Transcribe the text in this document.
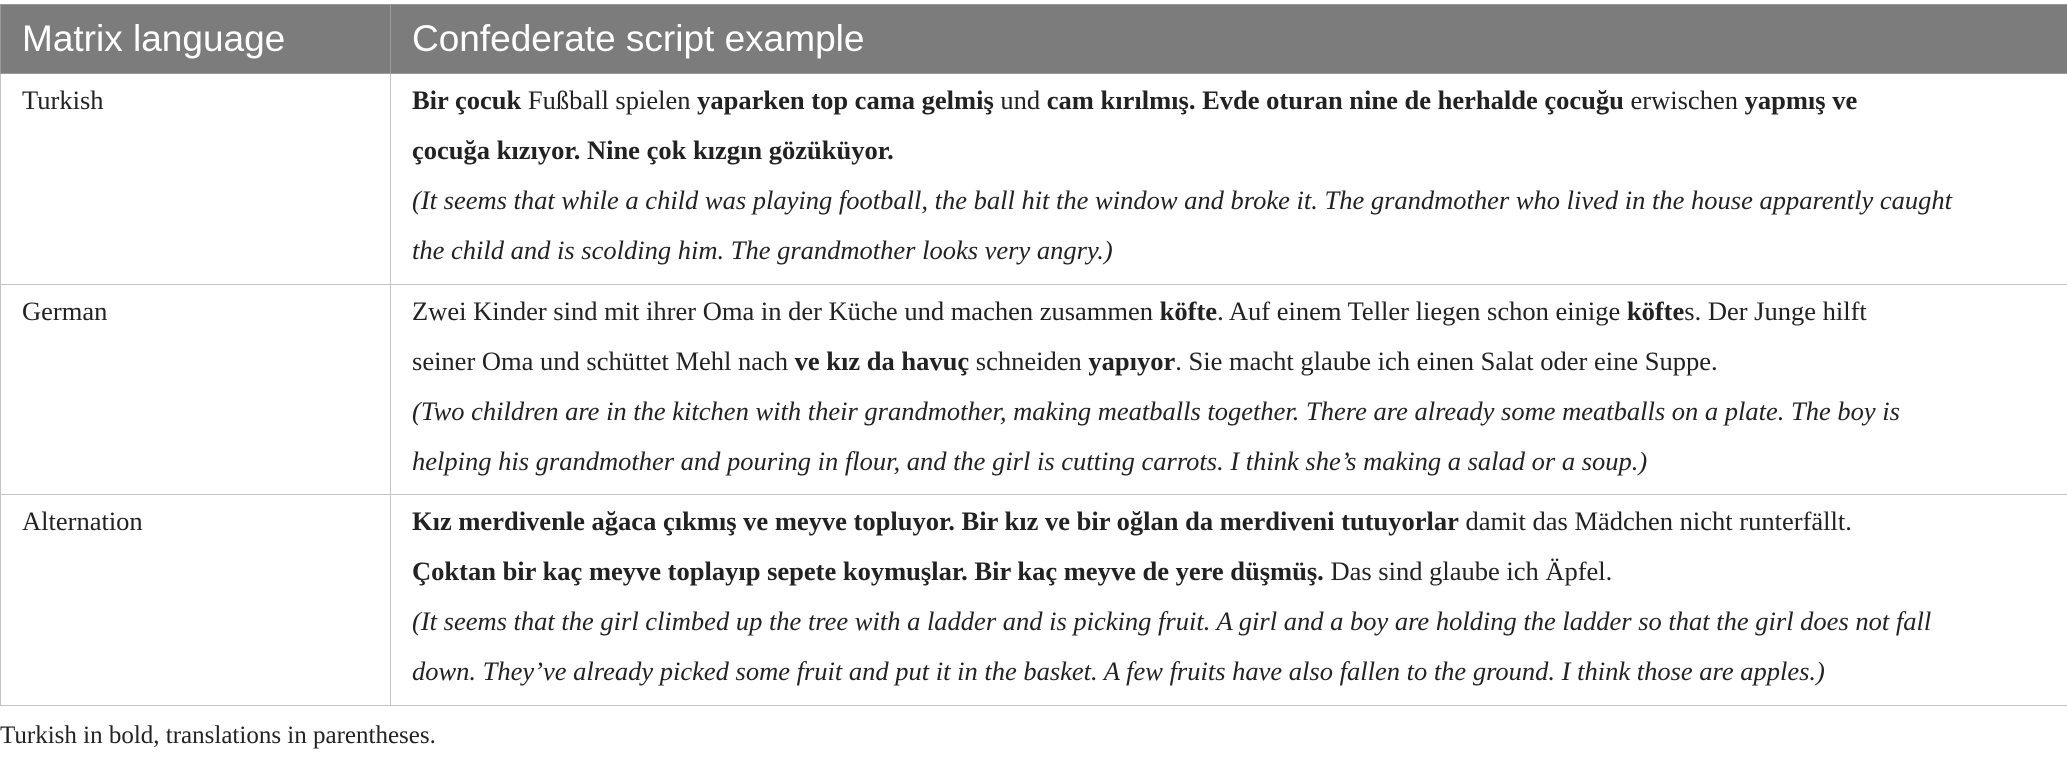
Matrix language	Confederate script example
Turkish	Bir çocuk Fußball spielen yaparken top cama gelmiş und cam kırılmış. Evde oturan nine de herhalde çocuğu erwischen yapmış ve
çocuğa kızıyor. Nine çok kızgın gözüküyor.
(It seems that while a child was playing football, the ball hit the window and broke it. The grandmother who lived in the house apparently caught
the child and is scolding him. The grandmother looks very angry.)

German	Zwei Kinder sind mit ihrer Oma in der Küche und machen zusammen köfte. Auf einem Teller liegen schon einige köftes. Der Junge hilft
seiner Oma und schüttet Mehl nach ve kız da havuç schneiden yapıyor. Sie macht glaube ich einen Salat oder eine Suppe.
(Two children are in the kitchen with their grandmother, making meatballs together. There are already some meatballs on a plate. The boy is
helping his grandmother and pouring in flour, and the girl is cutting carrots. I think she’s making a salad or a soup.)

Alternation	Kız merdivenle ağaca çıkmış ve meyve topluyor. Bir kız ve bir oğlan da merdiveni tutuyorlar damit das Mädchen nicht runterfällt.
Çoktan bir kaç meyve toplayıp sepete koymuşlar. Bir kaç meyve de yere düşmüş. Das sind glaube ich Äpfel.
(It seems that the girl climbed up the tree with a ladder and is picking fruit. A girl and a boy are holding the ladder so that the girl does not fall
down. They’ve already picked some fruit and put it in the basket. A few fruits have also fallen to the ground. I think those are apples.)
Turkish in bold, translations in parentheses.
